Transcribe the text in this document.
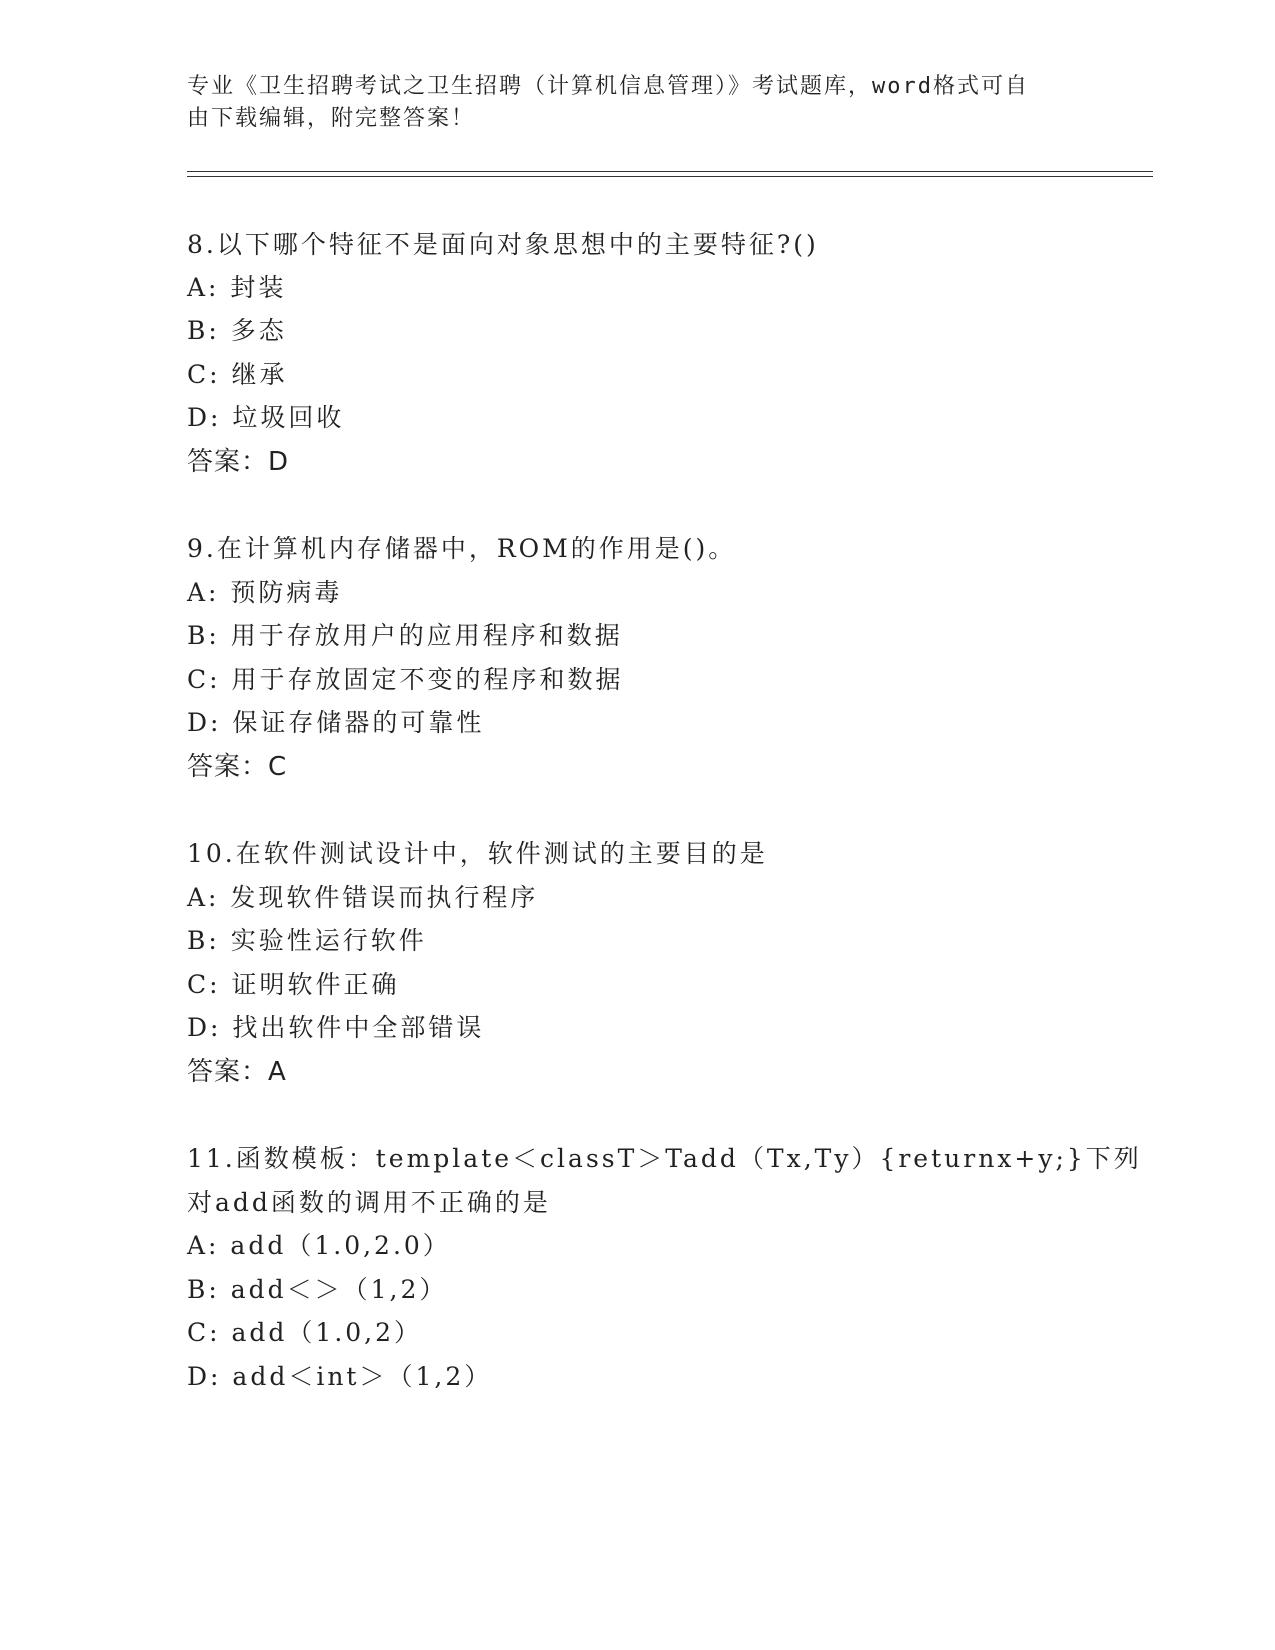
专业《卫生招聘考试之卫生招聘（计算机信息管理）》考试题库，word格式可自
由下载编辑，附完整答案！
8.以下哪个特征不是面向对象思想中的主要特征?()
A: 封装
B: 多态
C: 继承
D: 垃圾回收
答案：D
9.在计算机内存储器中，ROM的作用是()。
A: 预防病毒
B: 用于存放用户的应用程序和数据
C: 用于存放固定不变的程序和数据
D: 保证存储器的可靠性
答案：C
10.在软件测试设计中，软件测试的主要目的是
A: 发现软件错误而执行程序
B: 实验性运行软件
C: 证明软件正确
D: 找出软件中全部错误
答案：A
11.函数模板：template＜classT＞Tadd（Tx,Ty）{returnx+y;}下列
对add函数的调用不正确的是
A: add（1.0,2.0）
B: add＜＞（1,2）
C: add（1.0,2）
D: add＜int＞（1,2）
